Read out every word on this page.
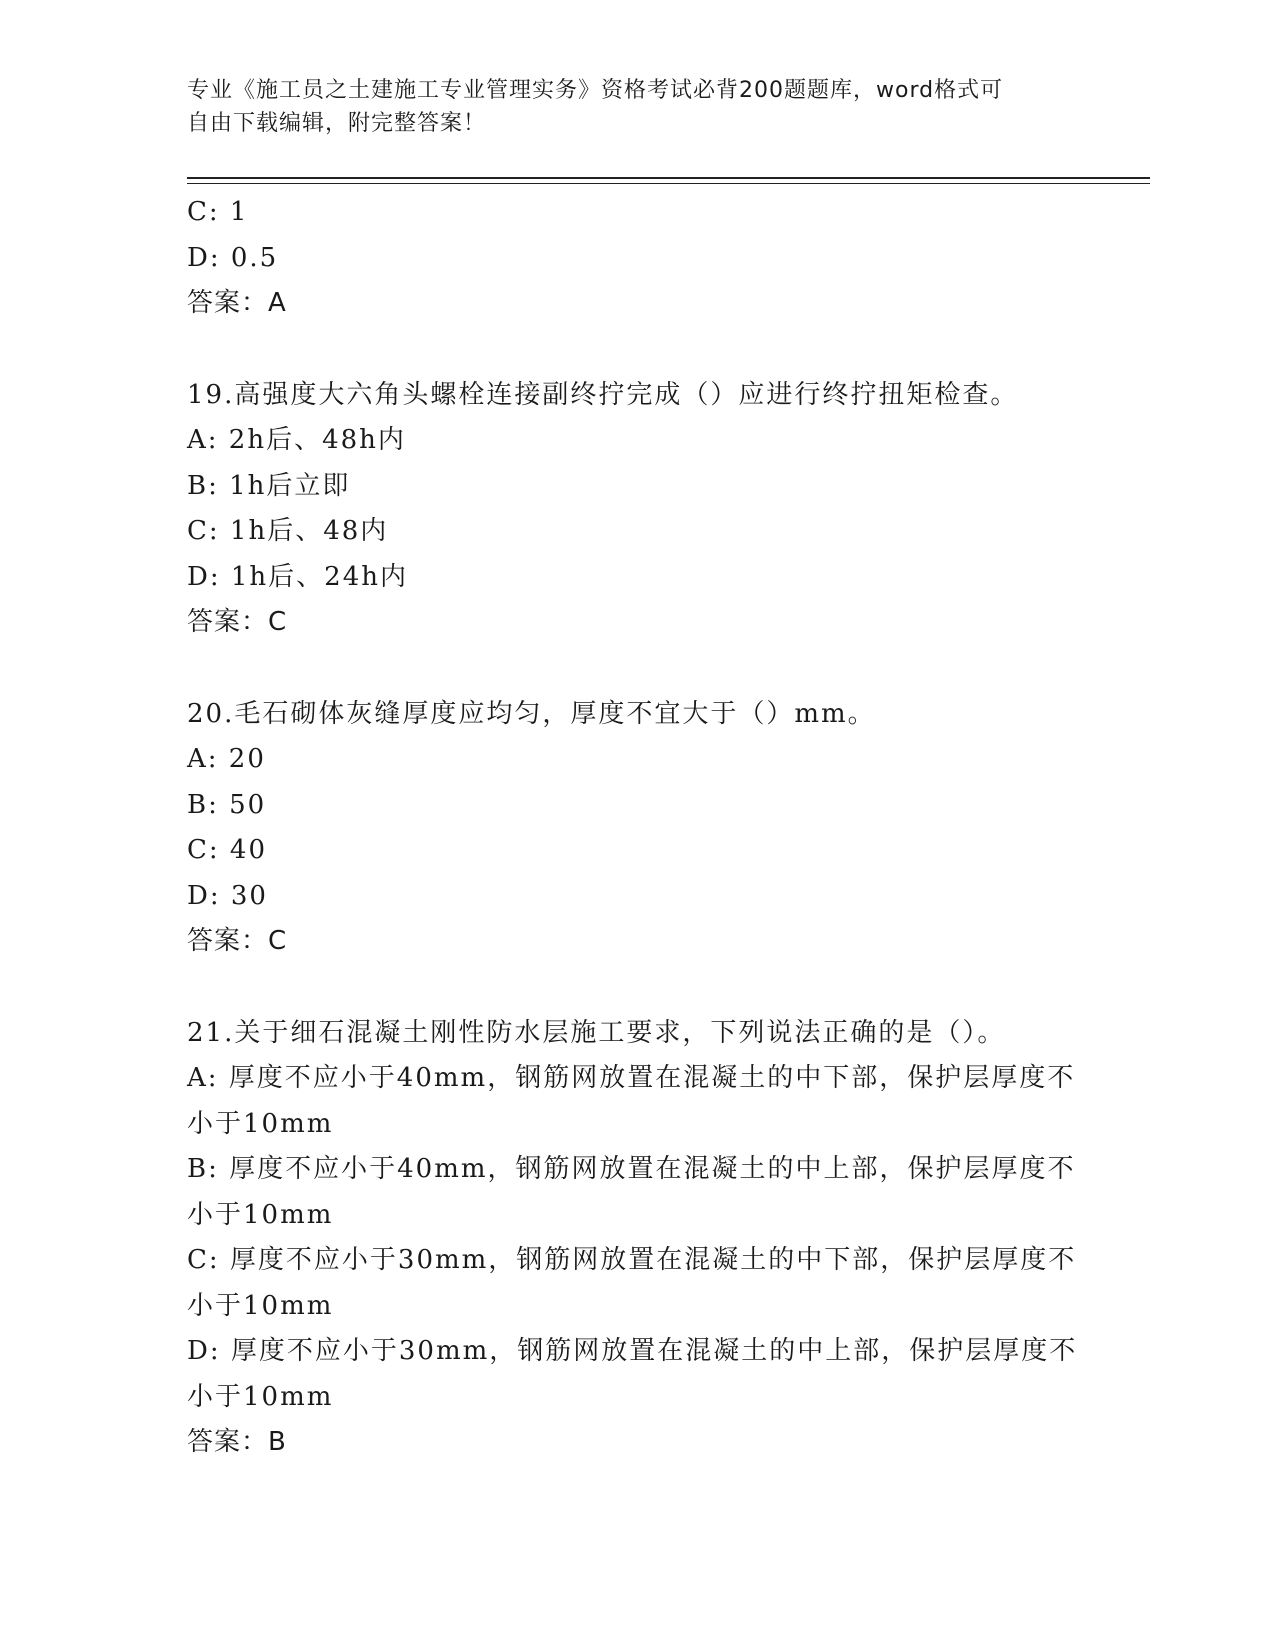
专业《施工员之土建施工专业管理实务》资格考试必背200题题库，word格式可
自由下载编辑，附完整答案！

C: 1

D: 0.5

答案：A

19.高强度大六角头螺栓连接副终拧完成（）应进行终拧扭矩检查。

A: 2h后、48h内

B: 1h后立即

C: 1h后、48内

D: 1h后、24h内

答案：C

20.毛石砌体灰缝厚度应均匀，厚度不宜大于（）mm。

A: 20

B: 50

C: 40

D: 30

答案：C

21.关于细石混凝土刚性防水层施工要求，下列说法正确的是（）。

A: 厚度不应小于40mm，钢筋网放置在混凝土的中下部，保护层厚度不

小于10mm

B: 厚度不应小于40mm，钢筋网放置在混凝土的中上部，保护层厚度不

小于10mm

C: 厚度不应小于30mm，钢筋网放置在混凝土的中下部，保护层厚度不

小于10mm

D: 厚度不应小于30mm，钢筋网放置在混凝土的中上部，保护层厚度不

小于10mm

答案：B
